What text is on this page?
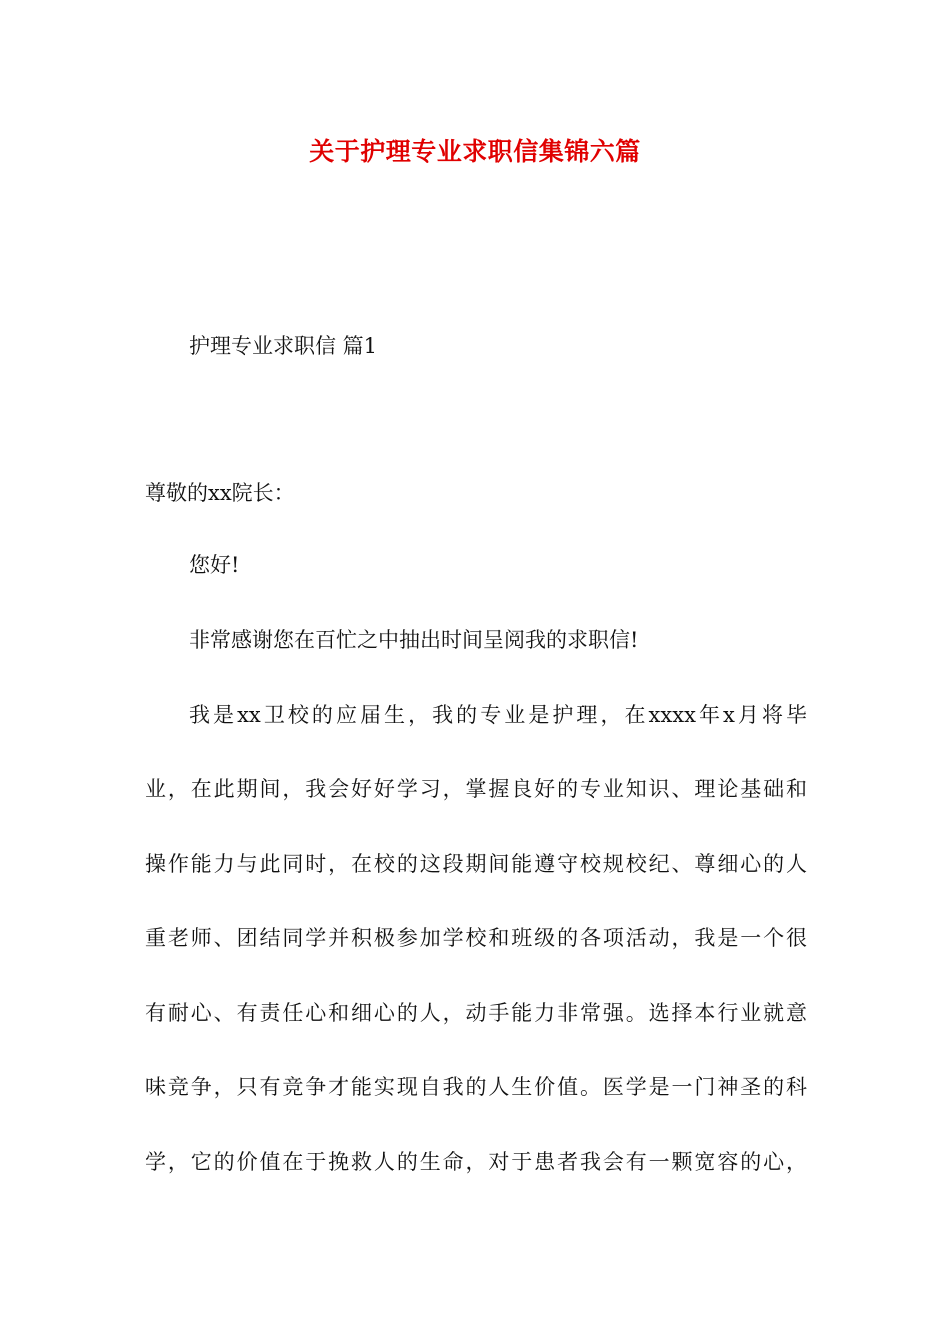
关于护理专业求职信集锦六篇

护理专业求职信 篇1

尊敬的xx院长：

您好!

非常感谢您在百忙之中抽出时间呈阅我的求职信!

我是xx卫校的应届生，我的专业是护理，在xxxx年x月将毕

业，在此期间，我会好好学习，掌握良好的专业知识、理论基础和

操作能力与此同时，在校的这段期间能遵守校规校纪、尊细心的人

重老师、团结同学并积极参加学校和班级的各项活动，我是一个很

有耐心、有责任心和细心的人，动手能力非常强。选择本行业就意

味竞争，只有竞争才能实现自我的人生价值。医学是一门神圣的科

学，它的价值在于挽救人的生命，对于患者我会有一颗宽容的心，
